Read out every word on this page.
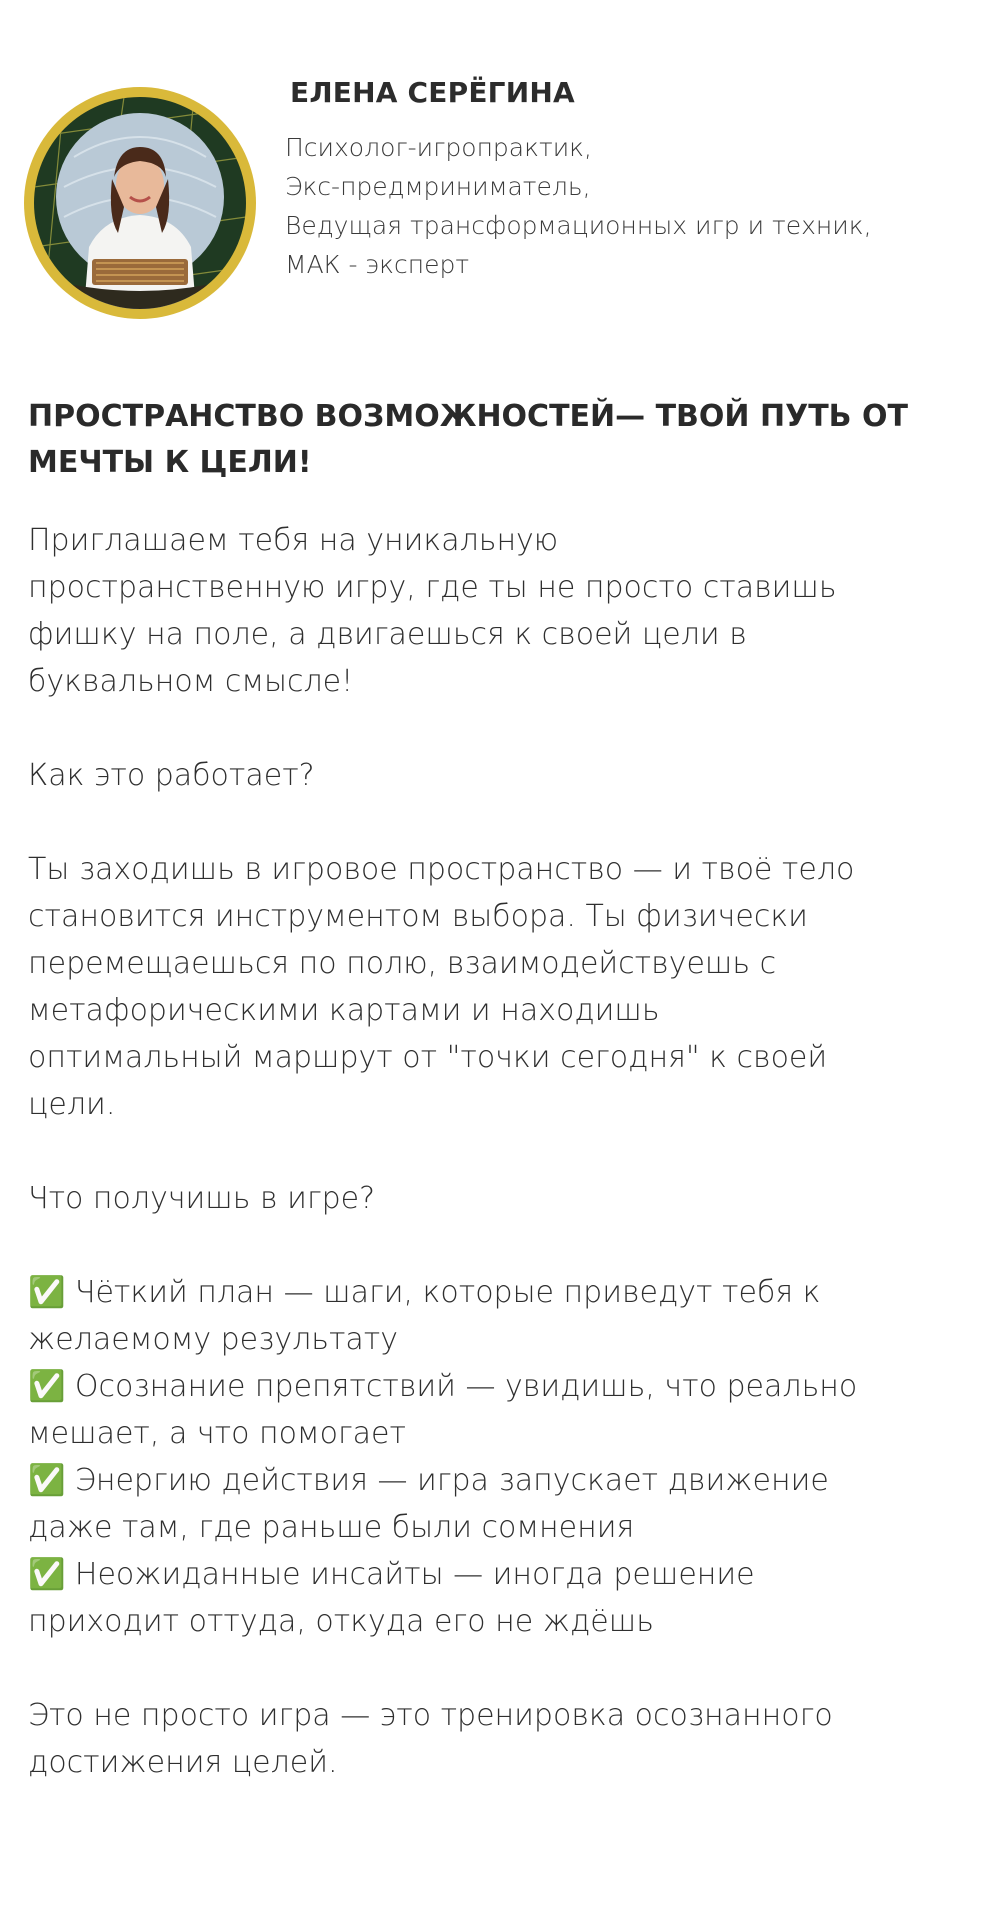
ЕЛЕНА СЕРЁГИНА
Психолог-игропрактик,
Экс-предмриниматель,
Ведущая трансформационных игр и техник,
МАК - эксперт
ПРОСТРАНСТВО ВОЗМОЖНОСТЕЙ— ТВОЙ ПУТЬ ОТ
МЕЧТЫ К ЦЕЛИ!

Приглашаем тебя на уникальную
пространственную игру, где ты не просто ставишь
фишку на поле, а двигаешься к своей цели в
буквальном смысле!

Как это работает?

Ты заходишь в игровое пространство — и твоё тело
становится инструментом выбора. Ты физически
перемещаешься по полю, взаимодействуешь с
метафорическими картами и находишь
оптимальный маршрут от "точки сегодня" к своей
цели.

Что получишь в игре?

✅ Чёткий план — шаги, которые приведут тебя к
желаемому результату

✅ Осознание препятствий — увидишь, что реально
мешает, а что помогает

✅ Энергию действия — игра запускает движение
даже там, где раньше были сомнения

✅ Неожиданные инсайты — иногда решение
приходит оттуда, откуда его не ждёшь

Это не просто игра — это тренировка осознанного
достижения целей.
